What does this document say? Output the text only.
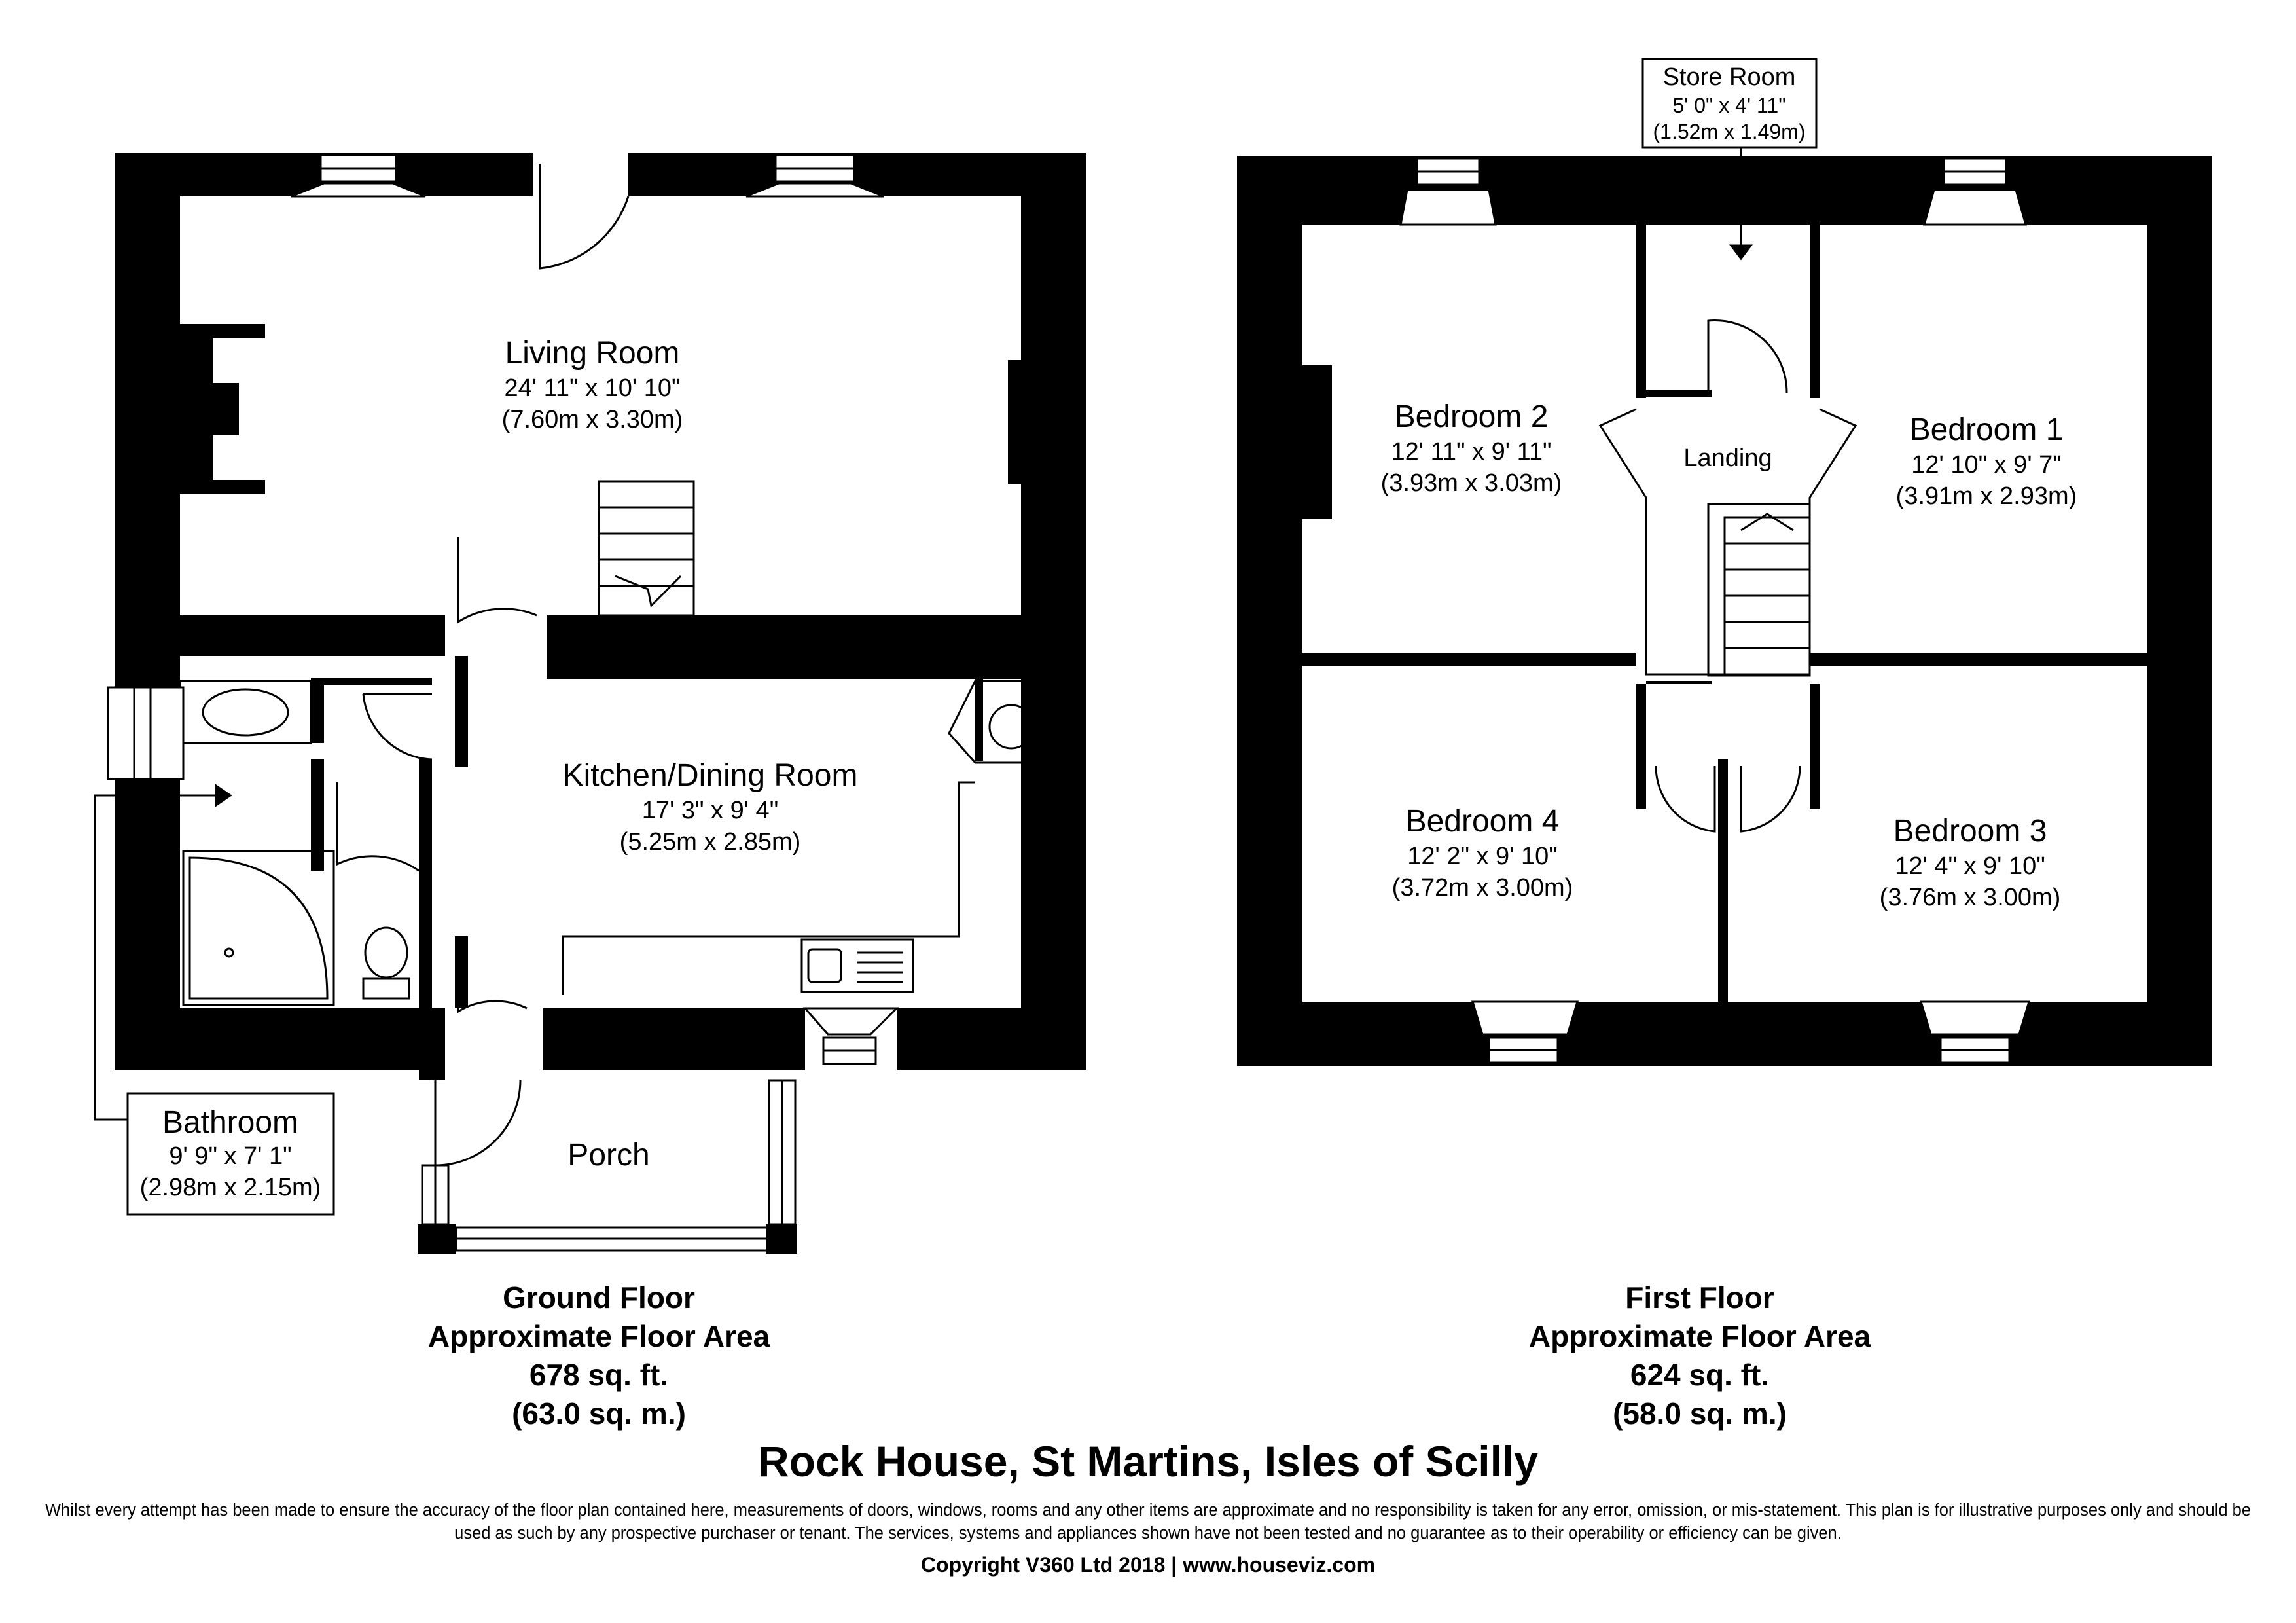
Living Room
24' 11" x 10' 10"
(7.60m x 3.30m)
Kitchen/Dining Room
17' 3" x 9' 4"
(5.25m x 2.85m)
Bathroom
9' 9" x 7' 1"
(2.98m x 2.15m)
Porch
Ground Floor
Approximate Floor Area
678 sq. ft.
(63.0 sq. m.)
Store Room
5' 0" x 4' 11"
(1.52m x 1.49m)
Bedroom 2
12' 11" x 9' 11"
(3.93m x 3.03m)
Bedroom 1
12' 10" x 9' 7"
(3.91m x 2.93m)
Landing
Bedroom 4
12' 2" x 9' 10"
(3.72m x 3.00m)
Bedroom 3
12' 4" x 9' 10"
(3.76m x 3.00m)
First Floor
Approximate Floor Area
624 sq. ft.
(58.0 sq. m.)
Rock House, St Martins, Isles of Scilly
Whilst every attempt has been made to ensure the accuracy of the floor plan contained here, measurements of doors, windows, rooms and any other items are approximate and no responsibility is taken for any error, omission, or mis-statement. This plan is for illustrative purposes only and should be used as such by any prospective purchaser or tenant. The services, systems and appliances shown have not been tested and no guarantee as to their operability or efficiency can be given.
Copyright V360 Ltd 2018 | www.houseviz.com
